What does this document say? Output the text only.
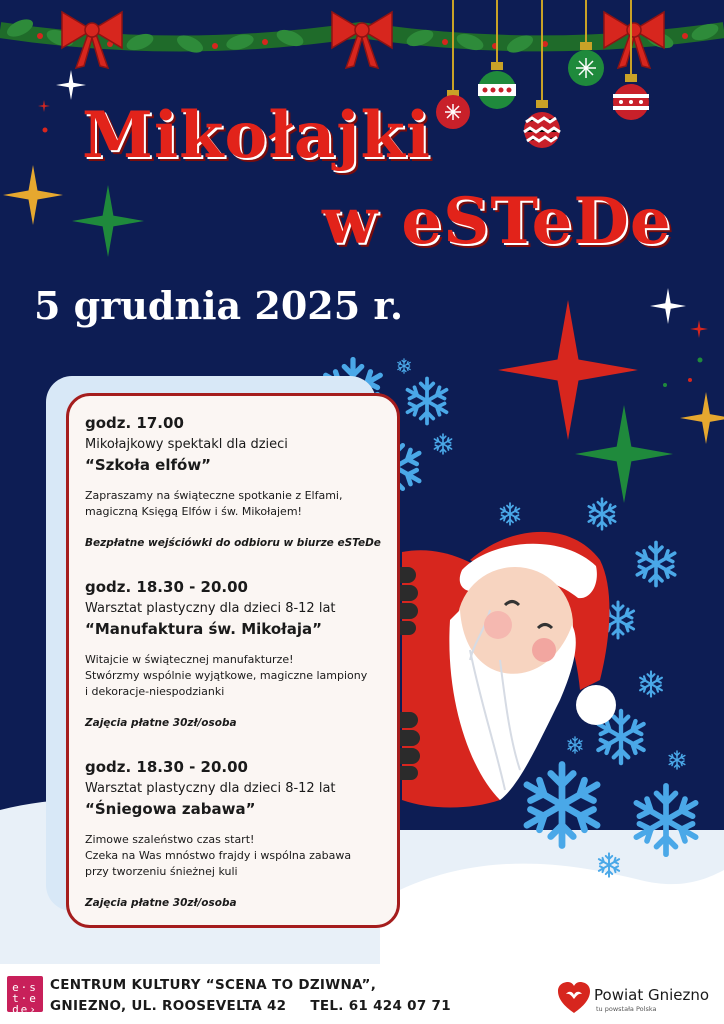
Mikołajki
w eSTeDe
5 grudnia 2025 r.
godz. 17.00
Mikołajkowy spektakl dla dzieci
“Szkoła elfów”
Zapraszamy na świąteczne spotkanie z Elfami,
magiczną Księgą Elfów i św. Mikołajem!
Bezpłatne wejściówki do odbioru w biurze eSTeDe
godz. 18.30 - 20.00
Warsztat plastyczny dla dzieci 8-12 lat
“Manufaktura św. Mikołaja”
Witajcie w świątecznej manufakturze!
Stwórzmy wspólnie wyjątkowe, magiczne lampiony
i dekoracje-niespodzianki
Zajęcia płatne 30zł/osoba
godz. 18.30 - 20.00
Warsztat plastyczny dla dzieci 8-12 lat
“Śniegowa zabawa”
Zimowe szaleństwo czas start!
Czeka na Was mnóstwo frajdy i wspólna zabawa
przy tworzeniu śnieżnej kuli
Zajęcia płatne 30zł/osoba
e·s
t·e
de›
CENTRUM KULTURY “SCENA TO DZIWNA”,
GNIEZNO, UL. ROOSEVELTA 42 TEL. 61 424 07 71
Powiat Gniezno
tu powstała Polska
